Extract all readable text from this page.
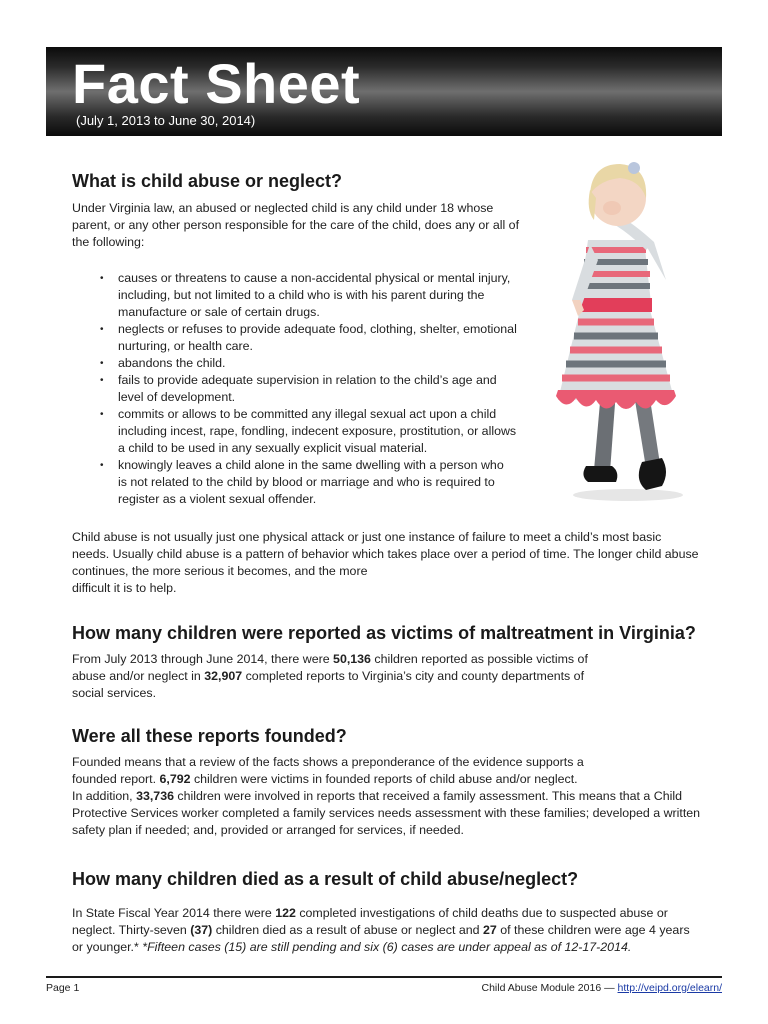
Fact Sheet
(July 1, 2013 to June 30, 2014)
What is child abuse or neglect?

Under Virginia law, an abused or neglected child is any child under 18 whose
parent, or any other person responsible for the care of the child, does any or all of
the following:

• causes or threatens to cause a non-accidental physical or mental injury,
including, but not limited to a child who is with his parent during the
manufacture or sale of certain drugs.
• neglects or refuses to provide adequate food, clothing, shelter, emotional
nurturing, or health care.
• abandons the child.
• fails to provide adequate supervision in relation to the child’s age and
level of development.
• commits or allows to be committed any illegal sexual act upon a child
including incest, rape, fondling, indecent exposure, prostitution, or allows
a child to be used in any sexually explicit visual material.
• knowingly leaves a child alone in the same dwelling with a person who
is not related to the child by blood or marriage and who is required to
register as a violent sexual offender.

Child abuse is not usually just one physical attack or just one instance of failure to meet a child’s most basic
needs. Usually child abuse is a pattern of behavior which takes place over a period of time. The longer child abuse
continues, the more serious it becomes, and the more
difficult it is to help.

How many children were reported as victims of maltreatment in Virginia?

From July 2013 through June 2014, there were 50,136 children reported as possible victims of
abuse and/or neglect in 32,907 completed reports to Virginia’s city and county departments of
social services.

Were all these reports founded?

Founded means that a review of the facts shows a preponderance of the evidence supports a
founded report. 6,792 children were victims in founded reports of child abuse and/or neglect.
In addition, 33,736 children were involved in reports that received a family assessment. This means that a Child
Protective Services worker completed a family services needs assessment with these families; developed a written
safety plan if needed; and, provided or arranged for services, if needed.

How many children died as a result of child abuse/neglect?

In State Fiscal Year 2014 there were 122 completed investigations of child deaths due to suspected abuse or
neglect. Thirty-seven (37) children died as a result of abuse or neglect and 27 of these children were age 4 years
or younger.* *Fifteen cases (15) are still pending and six (6) cases are under appeal as of 12-17-2014.

Page 1	Child Abuse Module 2016 — http://veipd.org/elearn/
